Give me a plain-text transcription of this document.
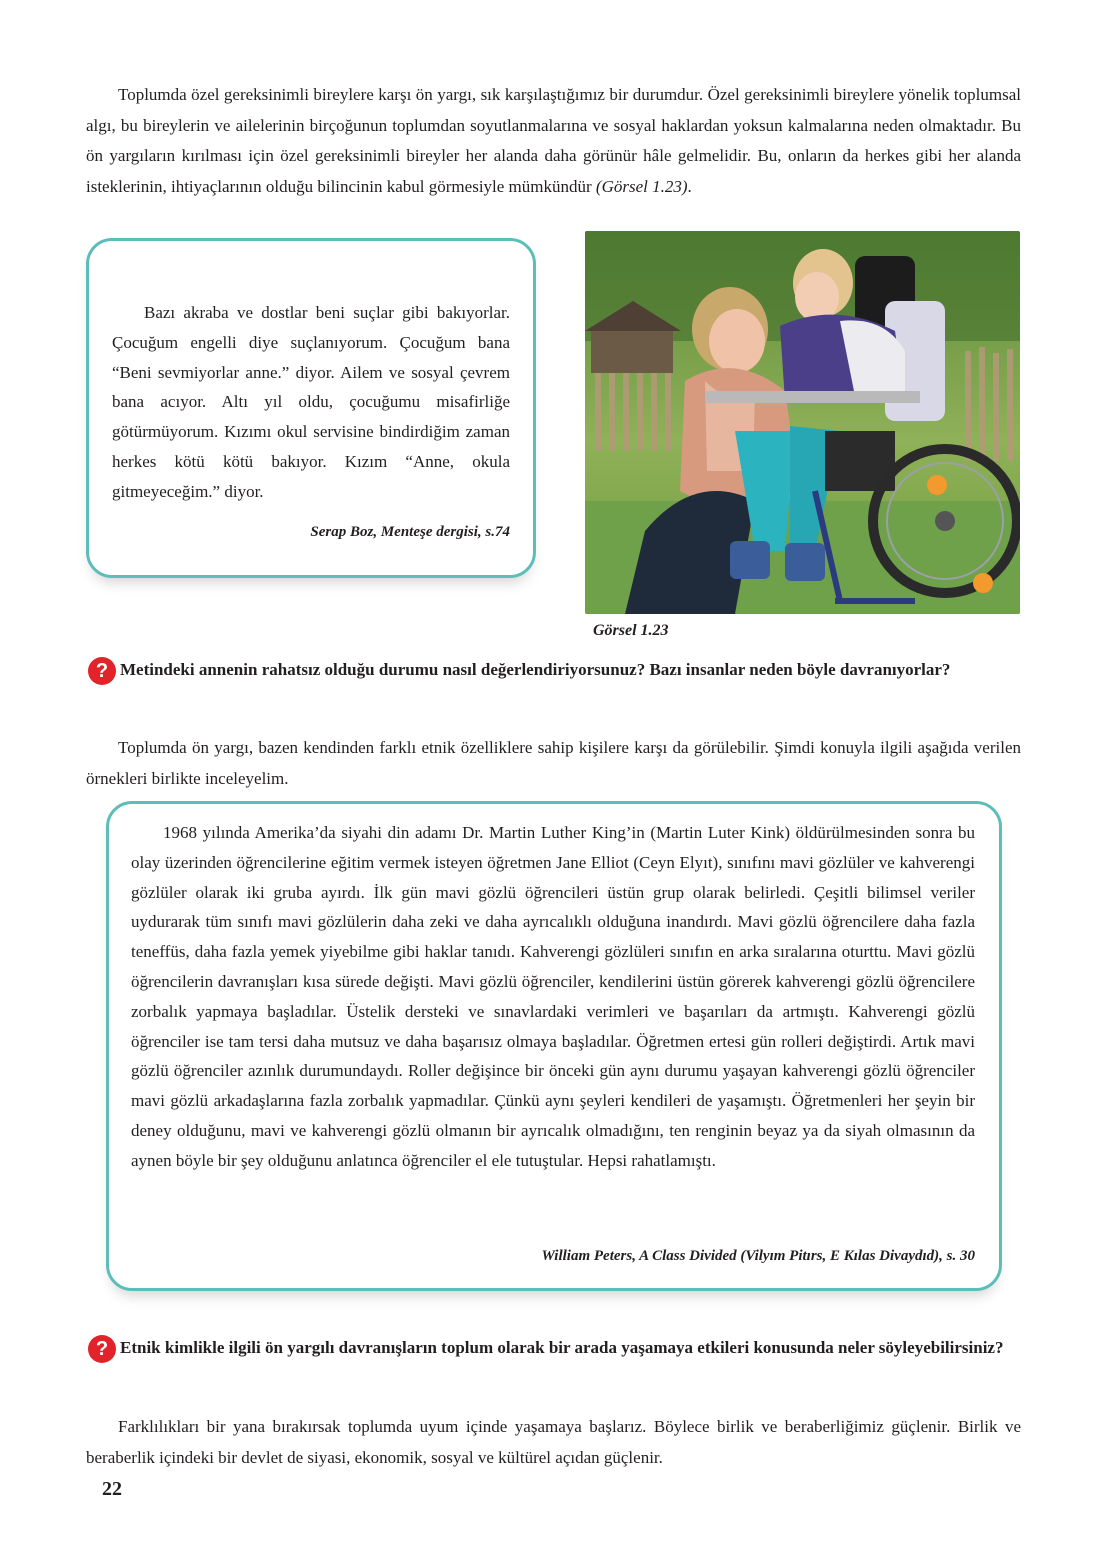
Toplumda özel gereksinimli bireylere karşı ön yargı, sık karşılaştığımız bir durumdur. Özel gereksinimli bireylere yönelik toplumsal algı, bu bireylerin ve ailelerinin birçoğunun toplumdan soyutlanmalarına ve sosyal haklardan yoksun kalmalarına neden olmaktadır. Bu ön yargıların kırılması için özel gereksinimli bireyler her alanda daha görünür hâle gelmelidir. Bu, onların da herkes gibi her alanda isteklerinin, ihtiyaçlarının olduğu bilincinin kabul görmesiyle mümkündür (Görsel 1.23).

Bazı akraba ve dostlar beni suçlar gibi bakıyorlar. Çocuğum engelli diye suçlanıyorum. Çocuğum bana “Beni sevmiyorlar anne.” diyor. Ailem ve sosyal çevrem bana acıyor. Altı yıl oldu, çocuğumu misafirliğe götürmüyorum. Kızımı okul servisine bindirdiğim zaman herkes kötü kötü bakıyor. Kızım “Anne, okula gitmeyeceğim.” diyor.

Serap Boz, Menteşe dergisi, s.74

Görsel 1.23
? Metindeki annenin rahatsız olduğu durumu nasıl değerlendiriyorsunuz? Bazı insanlar neden böyle davranıyorlar?

Toplumda ön yargı, bazen kendinden farklı etnik özelliklere sahip kişilere karşı da görülebilir. Şimdi konuyla ilgili aşağıda verilen örnekleri birlikte inceleyelim.

1968 yılında Amerika’da siyahi din adamı Dr. Martin Luther King’in (Martin Luter Kink) öldürülmesinden sonra bu olay üzerinden öğrencilerine eğitim vermek isteyen öğretmen Jane Elliot (Ceyn Elyıt), sınıfını mavi gözlüler ve kahverengi gözlüler olarak iki gruba ayırdı. İlk gün mavi gözlü öğrencileri üstün grup olarak belirledi. Çeşitli bilimsel veriler uydurarak tüm sınıfı mavi gözlülerin daha zeki ve daha ayrıcalıklı olduğuna inandırdı. Mavi gözlü öğrencilere daha fazla teneffüs, daha fazla yemek yiyebilme gibi haklar tanıdı. Kahverengi gözlüleri sınıfın en arka sıralarına oturttu. Mavi gözlü öğrencilerin davranışları kısa sürede değişti. Mavi gözlü öğrenciler, kendilerini üstün görerek kahverengi gözlü öğrencilere zorbalık yapmaya başladılar. Üstelik dersteki ve sınavlardaki verimleri ve başarıları da artmıştı. Kahverengi gözlü öğrenciler ise tam tersi daha mutsuz ve daha başarısız olmaya başladılar. Öğretmen ertesi gün rolleri değiştirdi. Artık mavi gözlü öğrenciler azınlık durumundaydı. Roller değişince bir önceki gün aynı durumu yaşayan kahverengi gözlü öğrenciler mavi gözlü arkadaşlarına fazla zorbalık yapmadılar. Çünkü aynı şeyleri kendileri de yaşamıştı. Öğretmenleri her şeyin bir deney olduğunu, mavi ve kahverengi gözlü olmanın bir ayrıcalık olmadığını, ten renginin beyaz ya da siyah olmasının da aynen böyle bir şey olduğunu anlatınca öğrenciler el ele tutuştular. Hepsi rahatlamıştı.

William Peters, A Class Divided (Vilyım Pitırs, E Kılas Divaydıd), s. 30

? Etnik kimlikle ilgili ön yargılı davranışların toplum olarak bir arada yaşamaya etkileri konusunda neler söyleyebilirsiniz?

Farklılıkları bir yana bırakırsak toplumda uyum içinde yaşamaya başlarız. Böylece birlik ve beraberliğimiz güçlenir. Birlik ve beraberlik içindeki bir devlet de siyasi, ekonomik, sosyal ve kültürel açıdan güçlenir.

22
